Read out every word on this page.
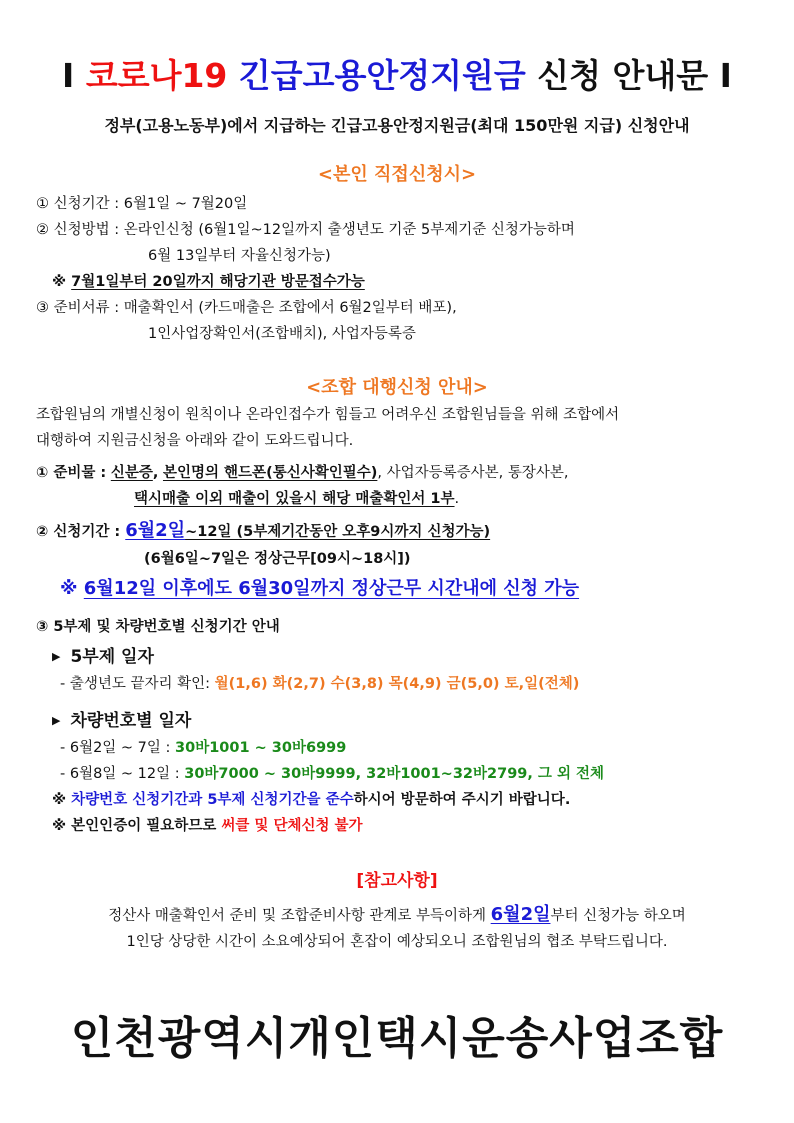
I 코로나19 긴급고용안정지원금 신청 안내문 I
정부(고용노동부)에서 지급하는 긴급고용안정지원금(최대 150만원 지급) 신청안내
<본인 직접신청시>
① 신청기간 : 6월1일 ~ 7월20일
② 신청방법 : 온라인신청 (6월1일~12일까지 출생년도 기준 5부제기준 신청가능하며
6월 13일부터 자율신청가능)
※ 7월1일부터 20일까지 해당기관 방문접수가능
③ 준비서류 : 매출확인서 (카드매출은 조합에서 6월2일부터 배포),
1인사업장확인서(조합배치), 사업자등록증
<조합 대행신청 안내>
조합원님의 개별신청이 원칙이나 온라인접수가 힘들고 어려우신 조합원님들을 위해 조합에서
대행하여 지원금신청을 아래와 같이 도와드립니다.
① 준비물 : 신분증, 본인명의 핸드폰(통신사확인필수), 사업자등록증사본, 통장사본,
택시매출 이외 매출이 있을시 해당 매출확인서 1부.
② 신청기간 : 6월2일~12일 (5부제기간동안 오후9시까지 신청가능)
(6월6일~7일은 정상근무[09시~18시])
※ 6월12일 이후에도 6월30일까지 정상근무 시간내에 신청 가능
③ 5부제 및 차량번호별 신청기간 안내
▶ 5부제 일자
- 출생년도 끝자리 확인: 월(1,6) 화(2,7) 수(3,8) 목(4,9) 금(5,0) 토,일(전체)
▶ 차량번호별 일자
- 6월2일 ~ 7일 : 30바1001 ~ 30바6999
- 6월8일 ~ 12일 : 30바7000 ~ 30바9999, 32바1001~32바2799, 그 외 전체
※ 차량번호 신청기간과 5부제 신청기간을 준수하시어 방문하여 주시기 바랍니다.
※ 본인인증이 필요하므로 써클 및 단체신청 불가
[참고사항]
정산사 매출확인서 준비 및 조합준비사항 관계로 부득이하게 6월2일부터 신청가능 하오며
1인당 상당한 시간이 소요예상되어 혼잡이 예상되오니 조합원님의 협조 부탁드립니다.
인천광역시개인택시운송사업조합
